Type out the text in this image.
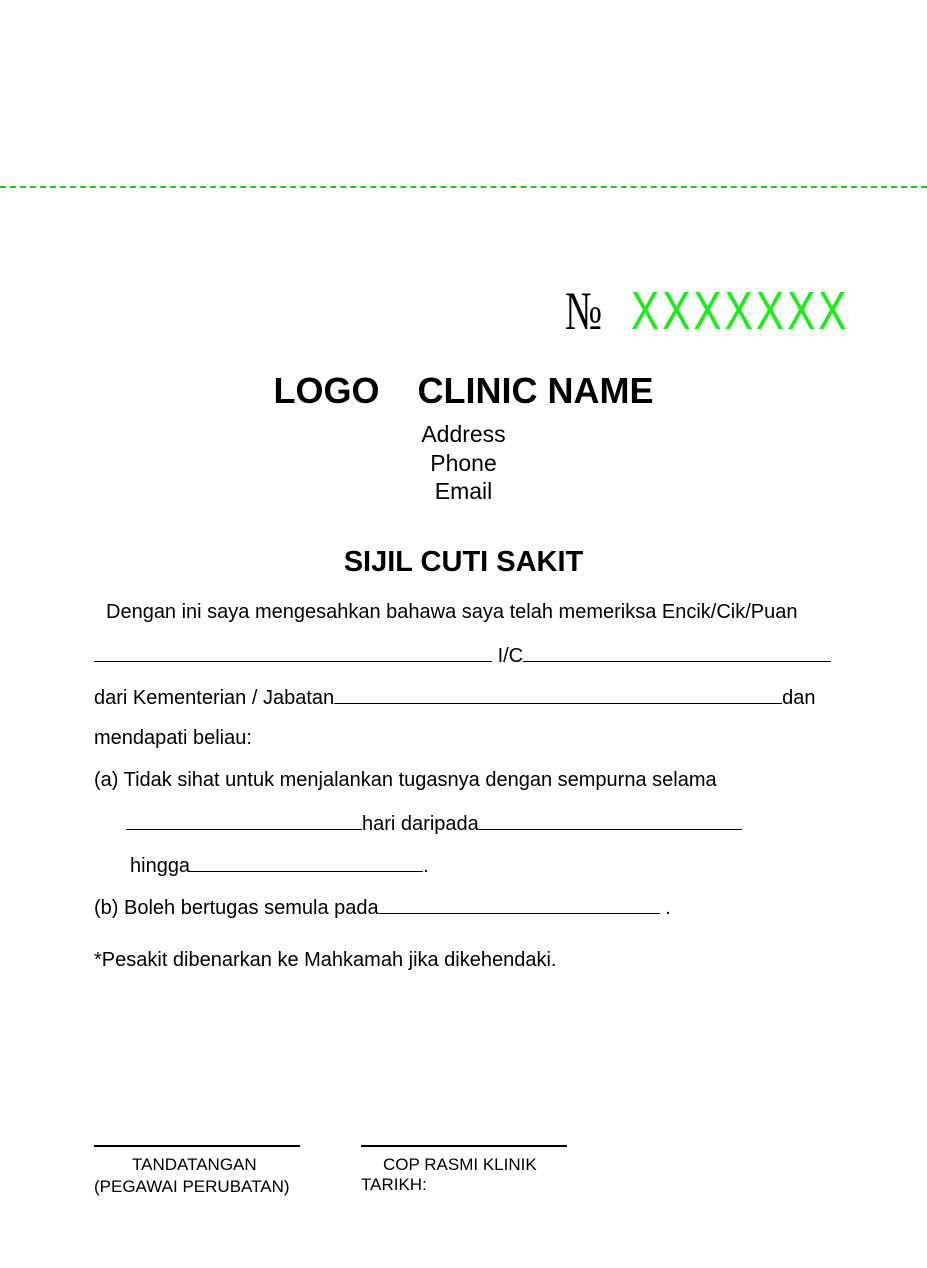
№ XXXXXXX
LOGO CLINIC NAME
Address
Phone
Email
SIJIL CUTI SAKIT
Dengan ini saya mengesahkan bahawa saya telah memeriksa Encik/Cik/Puan
I/C
dari Kementerian / Jabatan	dan
mendapati beliau:
(a) Tidak sihat untuk menjalankan tugasnya dengan sempurna selama
hari daripada
hingga	.
(b) Boleh bertugas semula pada	.
*Pesakit dibenarkan ke Mahkamah jika dikehendaki.
TANDATANGAN
(PEGAWAI PERUBATAN)
COP RASMI KLINIK
TARIKH:
